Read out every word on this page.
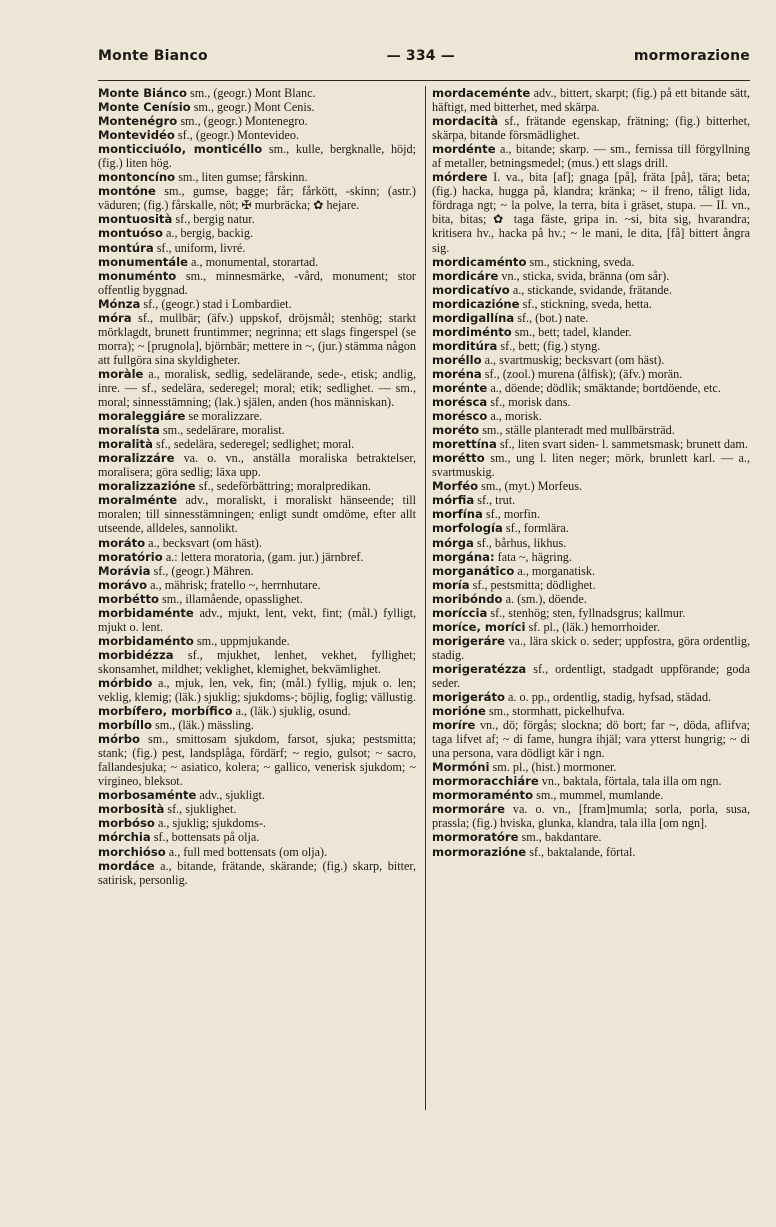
Monte Bianco	— 334 —	mormorazione
Monte Biánco sm., (geogr.) Mont Blanc.
Monte Cenísio sm., geogr.) Mont Cenis.
Montenégro sm., (geogr.) Montenegro.
Montevidéo sf., (geogr.) Montevideo.
monticciuólo, monticéllo sm., kulle, bergknalle, höjd; (fig.) liten hög.
montoncíno sm., liten gumse; fårskinn.
montóne sm., gumse, bagge; får; fårkött, -skinn; (astr.) väduren; (fig.) fårskalle, nöt; ✠ murbräcka; ✿ hejare.
montuosità sf., bergig natur.
montuóso a., bergig, backig.
montúra sf., uniform, livré.
monumentále a., monumental, storartad.
monuménto sm., minnesmärke, -vård, monument; stor offentlig byggnad.
Mónza sf., (geogr.) stad i Lombardiet.
móra sf., mullbär; (äfv.) uppskof, dröjsmål; stenhög; starkt mörklagdt, brunett fruntimmer; negrinna; ett slags fingerspel (se morra); ~ [prugnola], björnbär; mettere in ~, (jur.) stämma någon att fullgöra sina skyldigheter.
moràle a., moralisk, sedlig, sedelärande, sede-, etisk; andlig, inre. — sf., sedelära, sederegel; moral; etik; sedlighet. — sm., moral; sinnesstämning; (lak.) själen, anden (hos människan).
moraleggiáre se moralizzare.
moralísta sm., sedelärare, moralist.
moralità sf., sedelära, sederegel; sedlighet; moral.
moralizzáre va. o. vn., anställa moraliska betraktelser, moralisera; göra sedlig; läxa upp.
moralizzazióne sf., sedeförbättring; moralpredikan.
moralménte adv., moraliskt, i moraliskt hänseende; till moralen; till sinnesstämningen; enligt sundt omdöme, efter allt utseende, alldeles, sannolikt.
moráto a., becksvart (om häst).
moratório a.: lettera moratoria, (gam. jur.) järnbref.
Morávia sf., (geogr.) Mähren.
morávo a., mährisk; fratello ~, herrnhutare.
morbétto sm., illamående, opasslighet.
morbidaménte adv., mjukt, lent, vekt, fint; (mål.) fylligt, mjukt o. lent.
morbidaménto sm., uppmjukande.
morbidézza sf., mjukhet, lenhet, vekhet, fyllighet; skonsamhet, mildhet; veklighet, klemighet, bekvämlighet.
mórbido a., mjuk, len, vek, fin; (mål.) fyllig, mjuk o. len; veklig, klemig; (läk.) sjuklig; sjukdoms-; böjlig, foglig; vällustig.
morbífero, morbífico a., (läk.) sjuklig, osund.
morbíllo sm., (läk.) mässling.
mórbo sm., smittosam sjukdom, farsot, sjuka; pestsmitta; stank; (fig.) pest, landsplåga, fördärf; ~ regio, gulsot; ~ sacro, fallandesjuka; ~ asiatico, kolera; ~ gallico, venerisk sjukdom; ~ virgineo, bleksot.
morbosaménte adv., sjukligt.
morbosità sf., sjuklighet.
morbóso a., sjuklig; sjukdoms-.
mórchia sf., bottensats på olja.
morchióso a., full med bottensats (om olja).
mordáce a., bitande, frätande, skärande; (fig.) skarp, bitter, satirisk, personlig.
mordaceménte adv., bittert, skarpt; (fig.) på ett bitande sätt, häftigt, med bitterhet, med skärpa.
mordacità sf., frätande egenskap, frätning; (fig.) bitterhet, skärpa, bitande försmädlighet.
mordénte a., bitande; skarp. — sm., fernissa till förgyllning af metaller, betningsmedel; (mus.) ett slags drill.
mórdere I. va., bita [af]; gnaga [på], fräta [på], tära; beta; (fig.) hacka, hugga på, klandra; kränka; ~ il freno, tåligt lida, fördraga ngt; ~ la polve, la terra, bita i gräset, stupa. — II. vn., bita, bitas; ✿ taga fäste, gripa in. ~si, bita sig, hvarandra; kritisera hv., hacka på hv.; ~ le mani, le dita, [få] bittert ångra sig.
mordicaménto sm., stickning, sveda.
mordicáre vn., sticka, svida, bränna (om sår).
mordicatívo a., stickande, svidande, frätande.
mordicazióne sf., stickning, sveda, hetta.
mordigallína sf., (bot.) nate.
mordiménto sm., bett; tadel, klander.
morditúra sf., bett; (fig.) styng.
moréllo a., svartmuskig; becksvart (om häst).
moréna sf., (zool.) murena (ålfisk); (äfv.) morän.
morénte a., döende; dödlik; smäktande; bortdöende, etc.
morésca sf., morisk dans.
morésco a., morisk.
moréto sm., ställe planteradt med mullbärsträd.
morettína sf., liten svart siden- l. sammetsmask; brunett dam.
morétto sm., ung l. liten neger; mörk, brunlett karl. — a., svartmuskig.
Morféo sm., (myt.) Morfeus.
mórfia sf., trut.
morfína sf., morfin.
morfología sf., formlära.
mórga sf., bårhus, likhus.
morgána: fata ~, hägring.
morganático a., morganatisk.
moría sf., pestsmitta; dödlighet.
moribóndo a. (sm.), döende.
moríccia sf., stenhög; sten, fyllnadsgrus; kallmur.
moríce, moríci sf. pl., (läk.) hemorrhoider.
morigeráre va., lära skick o. seder; uppfostra, göra ordentlig, stadig.
morigeratézza sf., ordentligt, stadgadt uppförande; goda seder.
morigeráto a. o. pp., ordentlig, stadig, hyfsad, städad.
morióne sm., stormhatt, pickelhufva.
moríre vn., dö; förgås; slockna; dö bort; far ~, döda, aflifva; taga lifvet af; ~ di fame, hungra ihjäl; vara ytterst hungrig; ~ di una persona, vara dödligt kär i ngn.
Mormóni sm. pl., (hist.) mormoner.
mormoracchiáre vn., baktala, förtala, tala illa om ngn.
mormoraménto sm., mummel, mumlande.
mormoráre va. o. vn., [fram]mumla; sorla, porla, susa, prassla; (fig.) hviska, glunka, klandra, tala illa [om ngn].
mormoratóre sm., bakdantare.
mormorazióne sf., baktalande, förtal.
